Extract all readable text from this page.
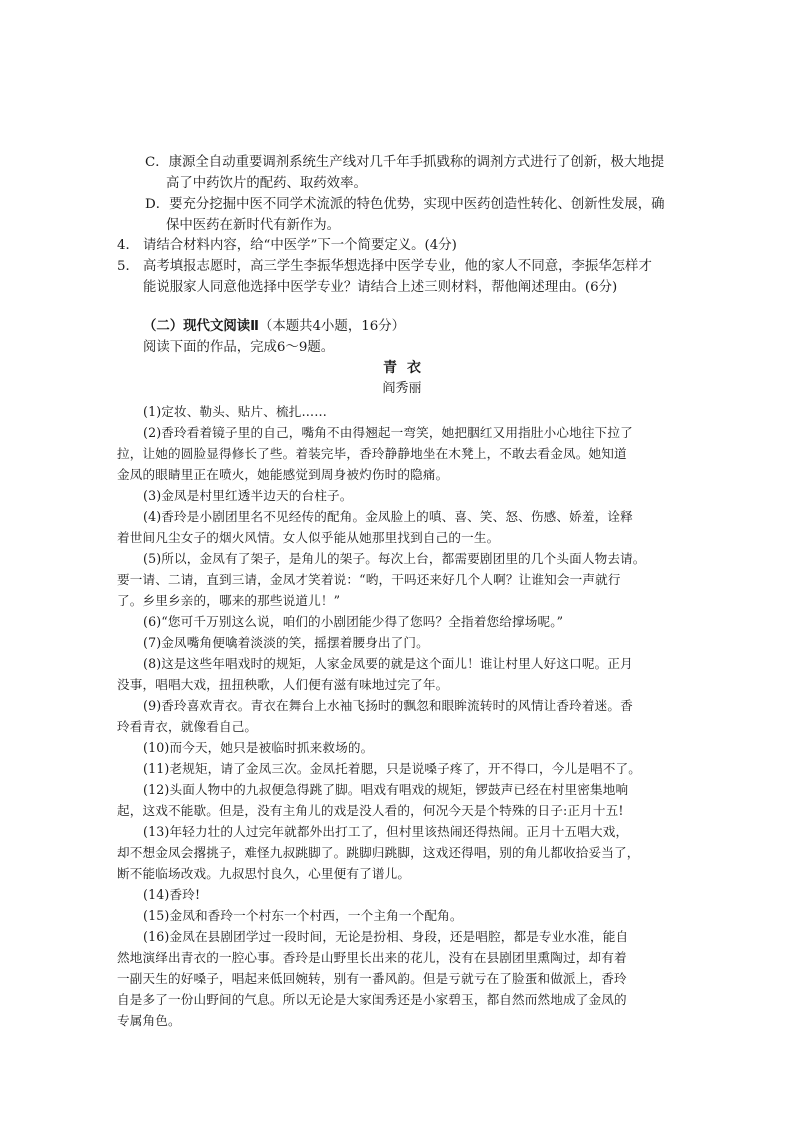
C．康源全自动重要调剂系统生产线对几千年手抓戥称的调剂方式进行了创新，极大地提
高了中药饮片的配药、取药效率。
D．要充分挖掘中医不同学术流派的特色优势，实现中医药创造性转化、创新性发展，确
保中医药在新时代有新作为。
4． 请结合材料内容，给“中医学”下一个简要定义。(4分)
5． 高考填报志愿时，高三学生李振华想选择中医学专业，他的家人不同意，李振华怎样才
能说服家人同意他选择中医学专业？请结合上述三则材料，帮他阐述理由。(6分)
（二）现代文阅读Ⅱ（本题共4小题，16分）
阅读下面的作品，完成6～9题。
青衣
阎秀丽
(1)定妆、勒头、贴片、梳扎……
(2)香玲看着镜子里的自己，嘴角不由得翘起一弯笑，她把胭红又用指肚小心地往下拉了
拉，让她的圆脸显得修长了些。着装完毕，香玲静静地坐在木凳上，不敢去看金凤。她知道
金凤的眼睛里正在喷火，她能感觉到周身被灼伤时的隐痛。
(3)金凤是村里红透半边天的台柱子。
(4)香玲是小剧团里名不见经传的配角。金凤脸上的嗔、喜、笑、怒、伤感、娇羞，诠释
着世间凡尘女子的烟火风情。女人似乎能从她那里找到自己的一生。
(5)所以，金凤有了架子，是角儿的架子。每次上台，都需要剧团里的几个头面人物去请。
要一请、二请，直到三请，金凤才笑着说：“哟，干吗还来好几个人啊？让谁知会一声就行
了。乡里乡亲的，哪来的那些说道儿！”
(6)“您可千万别这么说，咱们的小剧团能少得了您吗？全指着您给撑场呢。”
(7)金凤嘴角便噙着淡淡的笑，摇摆着腰身出了门。
(8)这是这些年唱戏时的规矩，人家金凤要的就是这个面儿！谁让村里人好这口呢。正月
没事，唱唱大戏，扭扭秧歌，人们便有滋有味地过完了年。
(9)香玲喜欢青衣。青衣在舞台上水袖飞扬时的飘忽和眼眸流转时的风情让香玲着迷。香
玲看青衣，就像看自己。
(10)而今天，她只是被临时抓来救场的。
(11)老规矩，请了金凤三次。金凤托着腮，只是说嗓子疼了，开不得口，今儿是唱不了。
(12)头面人物中的九叔便急得跳了脚。唱戏有唱戏的规矩，锣鼓声已经在村里密集地响
起，这戏不能歇。但是，没有主角儿的戏是没人看的，何况今天是个特殊的日子:正月十五!
(13)年轻力壮的人过完年就都外出打工了，但村里该热闹还得热闹。正月十五唱大戏，
却不想金凤会撂挑子，难怪九叔跳脚了。跳脚归跳脚，这戏还得唱，别的角儿都收拾妥当了，
断不能临场改戏。九叔思忖良久，心里便有了谱儿。
(14)香玲!
(15)金凤和香玲一个村东一个村西，一个主角一个配角。
(16)金凤在县剧团学过一段时间，无论是扮相、身段，还是唱腔，都是专业水准，能自
然地演绎出青衣的一腔心事。香玲是山野里长出来的花儿，没有在县剧团里熏陶过，却有着
一副天生的好嗓子，唱起来低回婉转，别有一番风韵。但是亏就亏在了脸蛋和做派上，香玲
自是多了一份山野间的气息。所以无论是大家闺秀还是小家碧玉，都自然而然地成了金凤的
专属角色。
